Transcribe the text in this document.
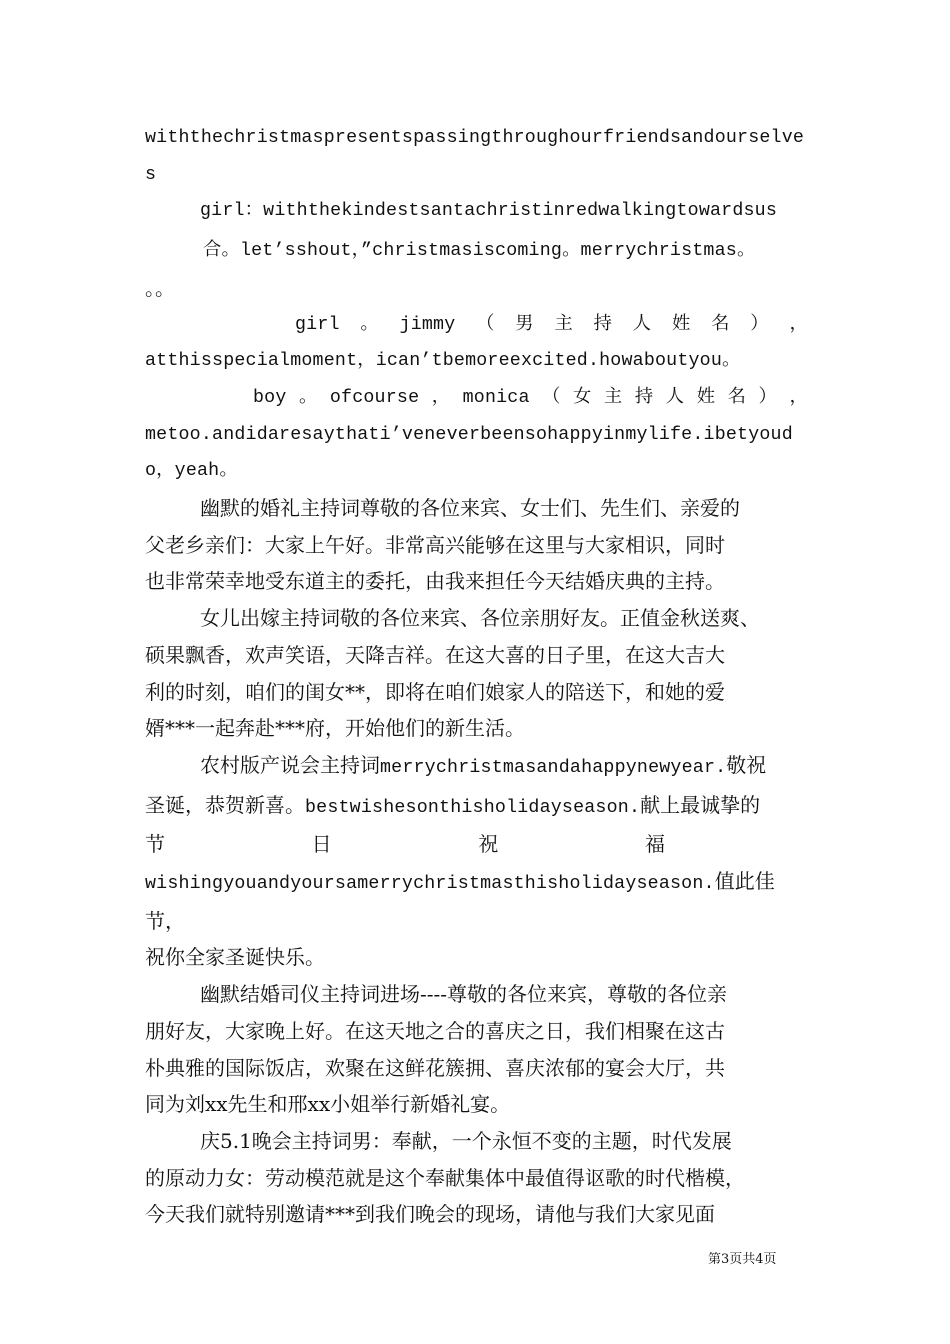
withthechristmaspresentspassingthroughourfriendsandourselve
s
girl：withthekindestsantachristinredwalkingtowardsus
合。let’sshout，”christmasiscoming。merrychristmas。
。。
girl 。 jimmy （ 男 主 持 人 姓 名 ） ，
atthisspecialmoment，ican’tbemoreexcited.howaboutyou。
boy 。 ofcourse ， monica （ 女 主 持 人 姓 名 ） ，
metoo.andidaresaythati’veneverbeensohappyinmylife.ibetyoud
o，yeah。
幽默的婚礼主持词尊敬的各位来宾、女士们、先生们、亲爱的
父老乡亲们：大家上午好。非常高兴能够在这里与大家相识，同时
也非常荣幸地受东道主的委托，由我来担任今天结婚庆典的主持。
女儿出嫁主持词敬的各位来宾、各位亲朋好友。正值金秋送爽、
硕果飘香，欢声笑语，天降吉祥。在这大喜的日子里，在这大吉大
利的时刻，咱们的闺女**，即将在咱们娘家人的陪送下，和她的爱
婿***一起奔赴***府，开始他们的新生活。
农村版产说会主持词merrychristmasandahappynewyear.敬祝
圣诞，恭贺新喜。bestwishesonthisholidayseason.献上最诚挚的
节	日	祝	福
wishingyouandyoursamerrychristmasthisholidayseason.值此佳节，
祝你全家圣诞快乐。
幽默结婚司仪主持词进场----尊敬的各位来宾，尊敬的各位亲
朋好友，大家晚上好。在这天地之合的喜庆之日，我们相聚在这古
朴典雅的国际饭店，欢聚在这鲜花簇拥、喜庆浓郁的宴会大厅，共
同为刘xx先生和邢xx小姐举行新婚礼宴。
庆5.1晚会主持词男：奉献，一个永恒不变的主题，时代发展
的原动力女：劳动模范就是这个奉献集体中最值得讴歌的时代楷模，
今天我们就特别邀请***到我们晚会的现场，请他与我们大家见面
第3页共4页
